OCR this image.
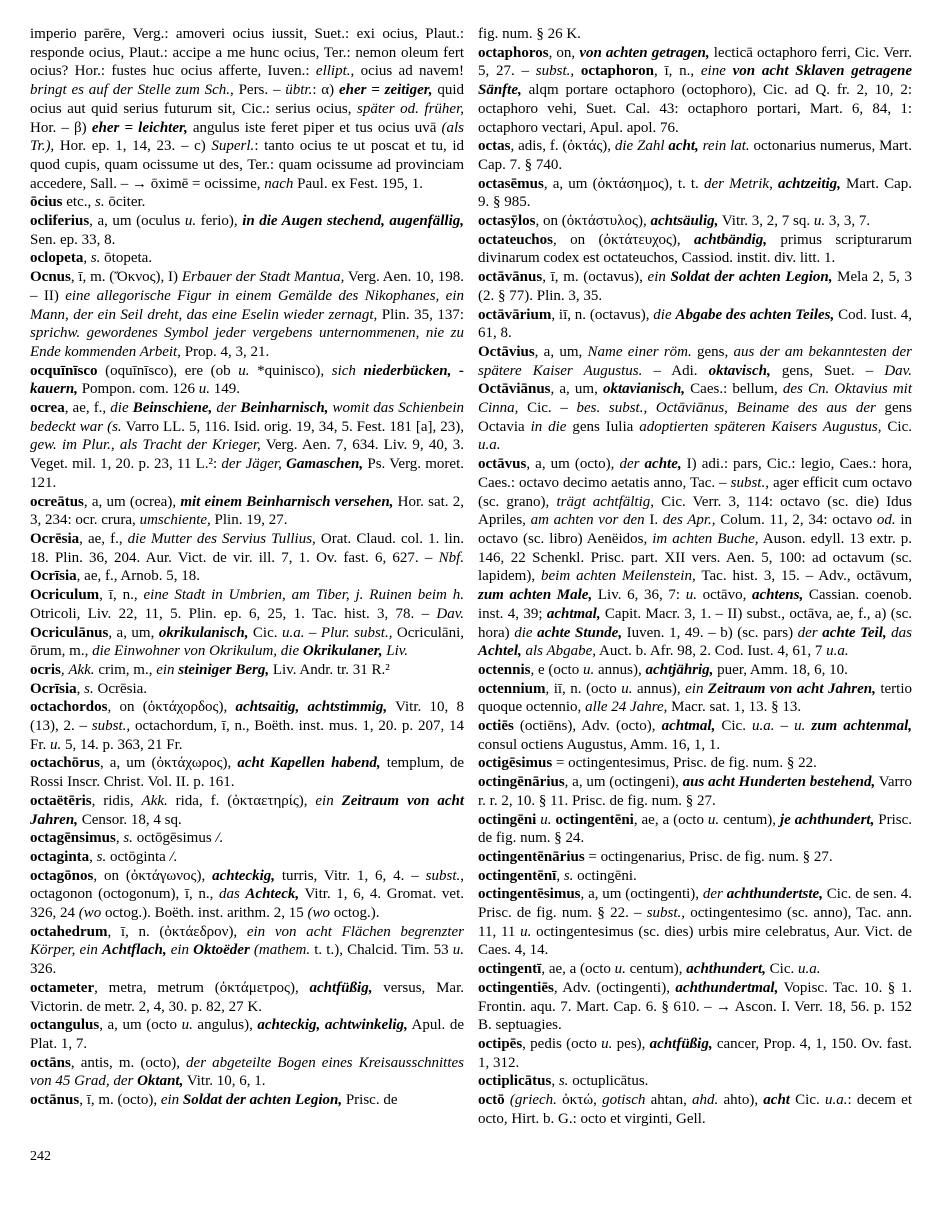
imperio parēre, Verg.: amoveri ocius iussit, Suet.: exi ocius, Plaut.: responde ocius, Plaut.: accipe a me hunc ocius, Ter.: nemon oleum fert ocius? Hor.: fustes huc ocius afferte, Iuven.: ellipt., ocius ad navem! bringt es auf der Stelle zum Sch., Pers. – übtr.: α) eher = zeitiger, quid ocius aut quid serius futurum sit, Cic.: serius ocius, später od. früher, Hor. – β) eher = leichter, angulus iste feret piper et tus ocius uvā (als Tr.), Hor. ep. 1, 14, 23. – c) Superl.: tanto ocius te ut poscat et tu, id quod cupis, quam ocissume ut des, Ter.: quam ocissume ad provinciam accedere, Sall. – → ōximē = ocissime, nach Paul. ex Fest. 195, 1.

ōcius etc., s. ōciter.

ocliferius, a, um (oculus u. ferio), in die Augen stechend, augenfällig, Sen. ep. 33, 8.

oclopeta, s. ōtopeta.

Ocnus, ī, m. (Ὄκνος), I) Erbauer der Stadt Mantua, Verg. Aen. 10, 198. – II) eine allegorische Figur in einem Gemälde des Nikophanes, ein Mann, der ein Seil dreht, das eine Eselin wieder zernagt, Plin. 35, 137: sprichw. gewordenes Symbol jeder vergebens unternommenen, nie zu Ende kommenden Arbeit, Prop. 4, 3, 21.

ocquīnīsco (oquīnīsco), ere (ob u. *quinisco), sich niederbücken, -kauern, Pompon. com. 126 u. 149.

ocrea, ae, f., die Beinschiene, der Beinharnisch, womit das Schienbein bedeckt war (s. Varro LL. 5, 116. Isid. orig. 19, 34, 5. Fest. 181 [a], 23), gew. im Plur., als Tracht der Krieger, Verg. Aen. 7, 634. Liv. 9, 40, 3. Veget. mil. 1, 20. p. 23, 11 L.²: der Jäger, Gamaschen, Ps. Verg. moret. 121.

ocreātus, a, um (ocrea), mit einem Beinharnisch versehen, Hor. sat. 2, 3, 234: ocr. crura, umschiente, Plin. 19, 27.

Ocrēsia, ae, f., die Mutter des Servius Tullius, Orat. Claud. col. 1. lin. 18. Plin. 36, 204. Aur. Vict. de vir. ill. 7, 1. Ov. fast. 6, 627. – Nbf. Ocrīsia, ae, f., Arnob. 5, 18.

Ocriculum, ī, n., eine Stadt in Umbrien, am Tiber, j. Ruinen beim h. Otricoli, Liv. 22, 11, 5. Plin. ep. 6, 25, 1. Tac. hist. 3, 78. – Dav. Ocriculānus, a, um, okrikulanisch, Cic. u.a. – Plur. subst., Ocriculāni, ōrum, m., die Einwohner von Okrikulum, die Okrikulaner, Liv.

ocris, Akk. crim, m., ein steiniger Berg, Liv. Andr. tr. 31 R.²

Ocrīsia, s. Ocrēsia.

octachordos, on (ὀκτάχορδος), achtsaitig, achtstimmig, Vitr. 10, 8 (13), 2. – subst., octachordum, ī, n., Boëth. inst. mus. 1, 20. p. 207, 14 Fr. u. 5, 14. p. 363, 21 Fr.

octachōrus, a, um (ὀκτάχωρος), acht Kapellen habend, templum, de Rossi Inscr. Christ. Vol. II. p. 161.

octaëtēris, ridis, Akk. rida, f. (ὀκταετηρίς), ein Zeitraum von acht Jahren, Censor. 18, 4 sq.

octagēnsimus, s. octōgēsimus /.

octaginta, s. octōginta /.

octagōnos, on (ὀκτάγωνος), achteckig, turris, Vitr. 1, 6, 4. – subst., octagonon (octogonum), ī, n., das Achteck, Vitr. 1, 6, 4. Gromat. vet. 326, 24 (wo octog.). Boëth. inst. arithm. 2, 15 (wo octog.).

octahedrum, ī, n. (ὀκτάεδρον), ein von acht Flächen begrenzter Körper, ein Achtflach, ein Oktoëder (mathem. t. t.), Chalcid. Tim. 53 u. 326.

octameter, metra, metrum (ὀκτάμετρος), achtfüßig, versus, Mar. Victorin. de metr. 2, 4, 30. p. 82, 27 K.

octangulus, a, um (octo u. angulus), achteckig, achtwinkelig, Apul. de Plat. 1, 7.

octāns, antis, m. (octo), der abgeteilte Bogen eines Kreisausschnittes von 45 Grad, der Oktant, Vitr. 10, 6, 1.

octānus, ī, m. (octo), ein Soldat der achten Legion, Prisc. de

fig. num. § 26 K.

octaphoros, on, von achten getragen, lecticā octaphoro ferri, Cic. Verr. 5, 27. – subst., octaphoron, ī, n., eine von acht Sklaven getragene Sänfte, alqm portare octaphoro (octophoro), Cic. ad Q. fr. 2, 10, 2: octaphoro vehi, Suet. Cal. 43: octaphoro portari, Mart. 6, 84, 1: octaphoro vectari, Apul. apol. 76.

octas, adis, f. (ὀκτάς), die Zahl acht, rein lat. octonarius numerus, Mart. Cap. 7. § 740.

octasēmus, a, um (ὀκτάσημος), t. t. der Metrik, achtzeitig, Mart. Cap. 9. § 985.

octasȳlos, on (ὀκτάστυλος), achtsäulig, Vitr. 3, 2, 7 sq. u. 3, 3, 7.

octateuchos, on (ὀκτάτευχος), achtbändig, primus scripturarum divinarum codex est octateuchos, Cassiod. instit. div. litt. 1.

octāvānus, ī, m. (octavus), ein Soldat der achten Legion, Mela 2, 5, 3 (2. § 77). Plin. 3, 35.

octāvārium, iī, n. (octavus), die Abgabe des achten Teiles, Cod. Iust. 4, 61, 8.

Octāvius, a, um, Name einer röm. gens, aus der am bekanntesten der spätere Kaiser Augustus. – Adi. oktavisch, gens, Suet. – Dav. Octāviānus, a, um, oktavianisch, Caes.: bellum, des Cn. Oktavius mit Cinna, Cic. – bes. subst., Octāviānus, Beiname des aus der gens Octavia in die gens Iulia adoptierten späteren Kaisers Augustus, Cic. u.a.

octāvus, a, um (octo), der achte, I) adi.: pars, Cic.: legio, Caes.: hora, Caes.: octavo decimo aetatis anno, Tac. – subst., ager efficit cum octavo (sc. grano), trägt achtfältig, Cic. Verr. 3, 114: octavo (sc. die) Idus Apriles, am achten vor den I. des Apr., Colum. 11, 2, 34: octavo od. in octavo (sc. libro) Aenëidos, im achten Buche, Auson. edyll. 13 extr. p. 146, 22 Schenkl. Prisc. part. XII vers. Aen. 5, 100: ad octavum (sc. lapidem), beim achten Meilenstein, Tac. hist. 3, 15. – Adv., octāvum, zum achten Male, Liv. 6, 36, 7: u. octāvo, achtens, Cassian. coenob. inst. 4, 39; achtmal, Capit. Macr. 3, 1. – II) subst., octāva, ae, f., a) (sc. hora) die achte Stunde, Iuven. 1, 49. – b) (sc. pars) der achte Teil, das Achtel, als Abgabe, Auct. b. Afr. 98, 2. Cod. Iust. 4, 61, 7 u.a.

octennis, e (octo u. annus), achtjährig, puer, Amm. 18, 6, 10.

octennium, iī, n. (octo u. annus), ein Zeitraum von acht Jahren, tertio quoque octennio, alle 24 Jahre, Macr. sat. 1, 13. § 13.

octiēs (octiēns), Adv. (octo), achtmal, Cic. u.a. – u. zum achtenmal, consul octiens Augustus, Amm. 16, 1, 1.

octigēsimus = octingentesimus, Prisc. de fig. num. § 22.

octingēnārius, a, um (octingeni), aus acht Hunderten bestehend, Varro r. r. 2, 10. § 11. Prisc. de fig. num. § 27.

octingēni u. octingentēni, ae, a (octo u. centum), je achthundert, Prisc. de fig. num. § 24.

octingentēnārius = octingenarius, Prisc. de fig. num. § 27.

octingentēnī, s. octingēni.

octingentēsimus, a, um (octingenti), der achthundertste, Cic. de sen. 4. Prisc. de fig. num. § 22. – subst., octingentesimo (sc. anno), Tac. ann. 11, 11 u. octingentesimus (sc. dies) urbis mire celebratus, Aur. Vict. de Caes. 4, 14.

octingentī, ae, a (octo u. centum), achthundert, Cic. u.a.

octingentiēs, Adv. (octingenti), achthundertmal, Vopisc. Tac. 10. § 1. Frontin. aqu. 7. Mart. Cap. 6. § 610. – → Ascon. I. Verr. 18, 56. p. 152 B. septuagies.

octipēs, pedis (octo u. pes), achtfüßig, cancer, Prop. 4, 1, 150. Ov. fast. 1, 312.

octiplicātus, s. octuplicātus.

octō (griech. ὀκτώ, gotisch ahtan, ahd. ahto), acht Cic. u.a.: decem et octo, Hirt. b. G.: octo et virginti, Gell.

242
